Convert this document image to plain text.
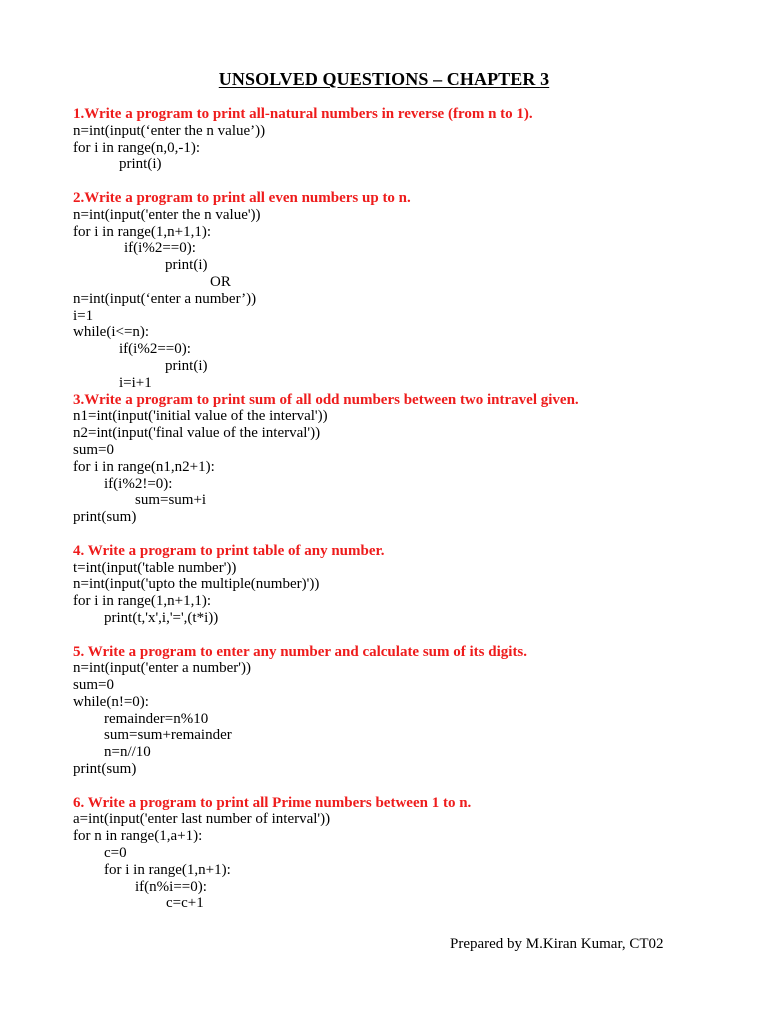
UNSOLVED QUESTIONS – CHAPTER 3
1.Write a program to print all-natural numbers in reverse (from n to 1).
n=int(input(‘enter the n value’))
for i in range(n,0,-1):
print(i)
2.Write a program to print all even numbers up to n.
n=int(input('enter the n value'))
for i in range(1,n+1,1):
if(i%2==0):
print(i)
OR
n=int(input(‘enter a number’))
i=1
while(i<=n):
if(i%2==0):
print(i)
i=i+1
3.Write a program to print sum of all odd numbers between two intravel given.
n1=int(input('initial value of the interval'))
n2=int(input('final value of the interval'))
sum=0
for i in range(n1,n2+1):
if(i%2!=0):
sum=sum+i
print(sum)
4. Write a program to print table of any number.
t=int(input('table number'))
n=int(input('upto the multiple(number)'))
for i in range(1,n+1,1):
print(t,'x',i,'=',(t*i))
5. Write a program to enter any number and calculate sum of its digits.
n=int(input('enter a number'))
sum=0
while(n!=0):
remainder=n%10
sum=sum+remainder
n=n//10
print(sum)
6. Write a program to print all Prime numbers between 1 to n.
a=int(input('enter last number of interval'))
for n in range(1,a+1):
c=0
for i in range(1,n+1):
if(n%i==0):
c=c+1
Prepared by M.Kiran Kumar, CT02
